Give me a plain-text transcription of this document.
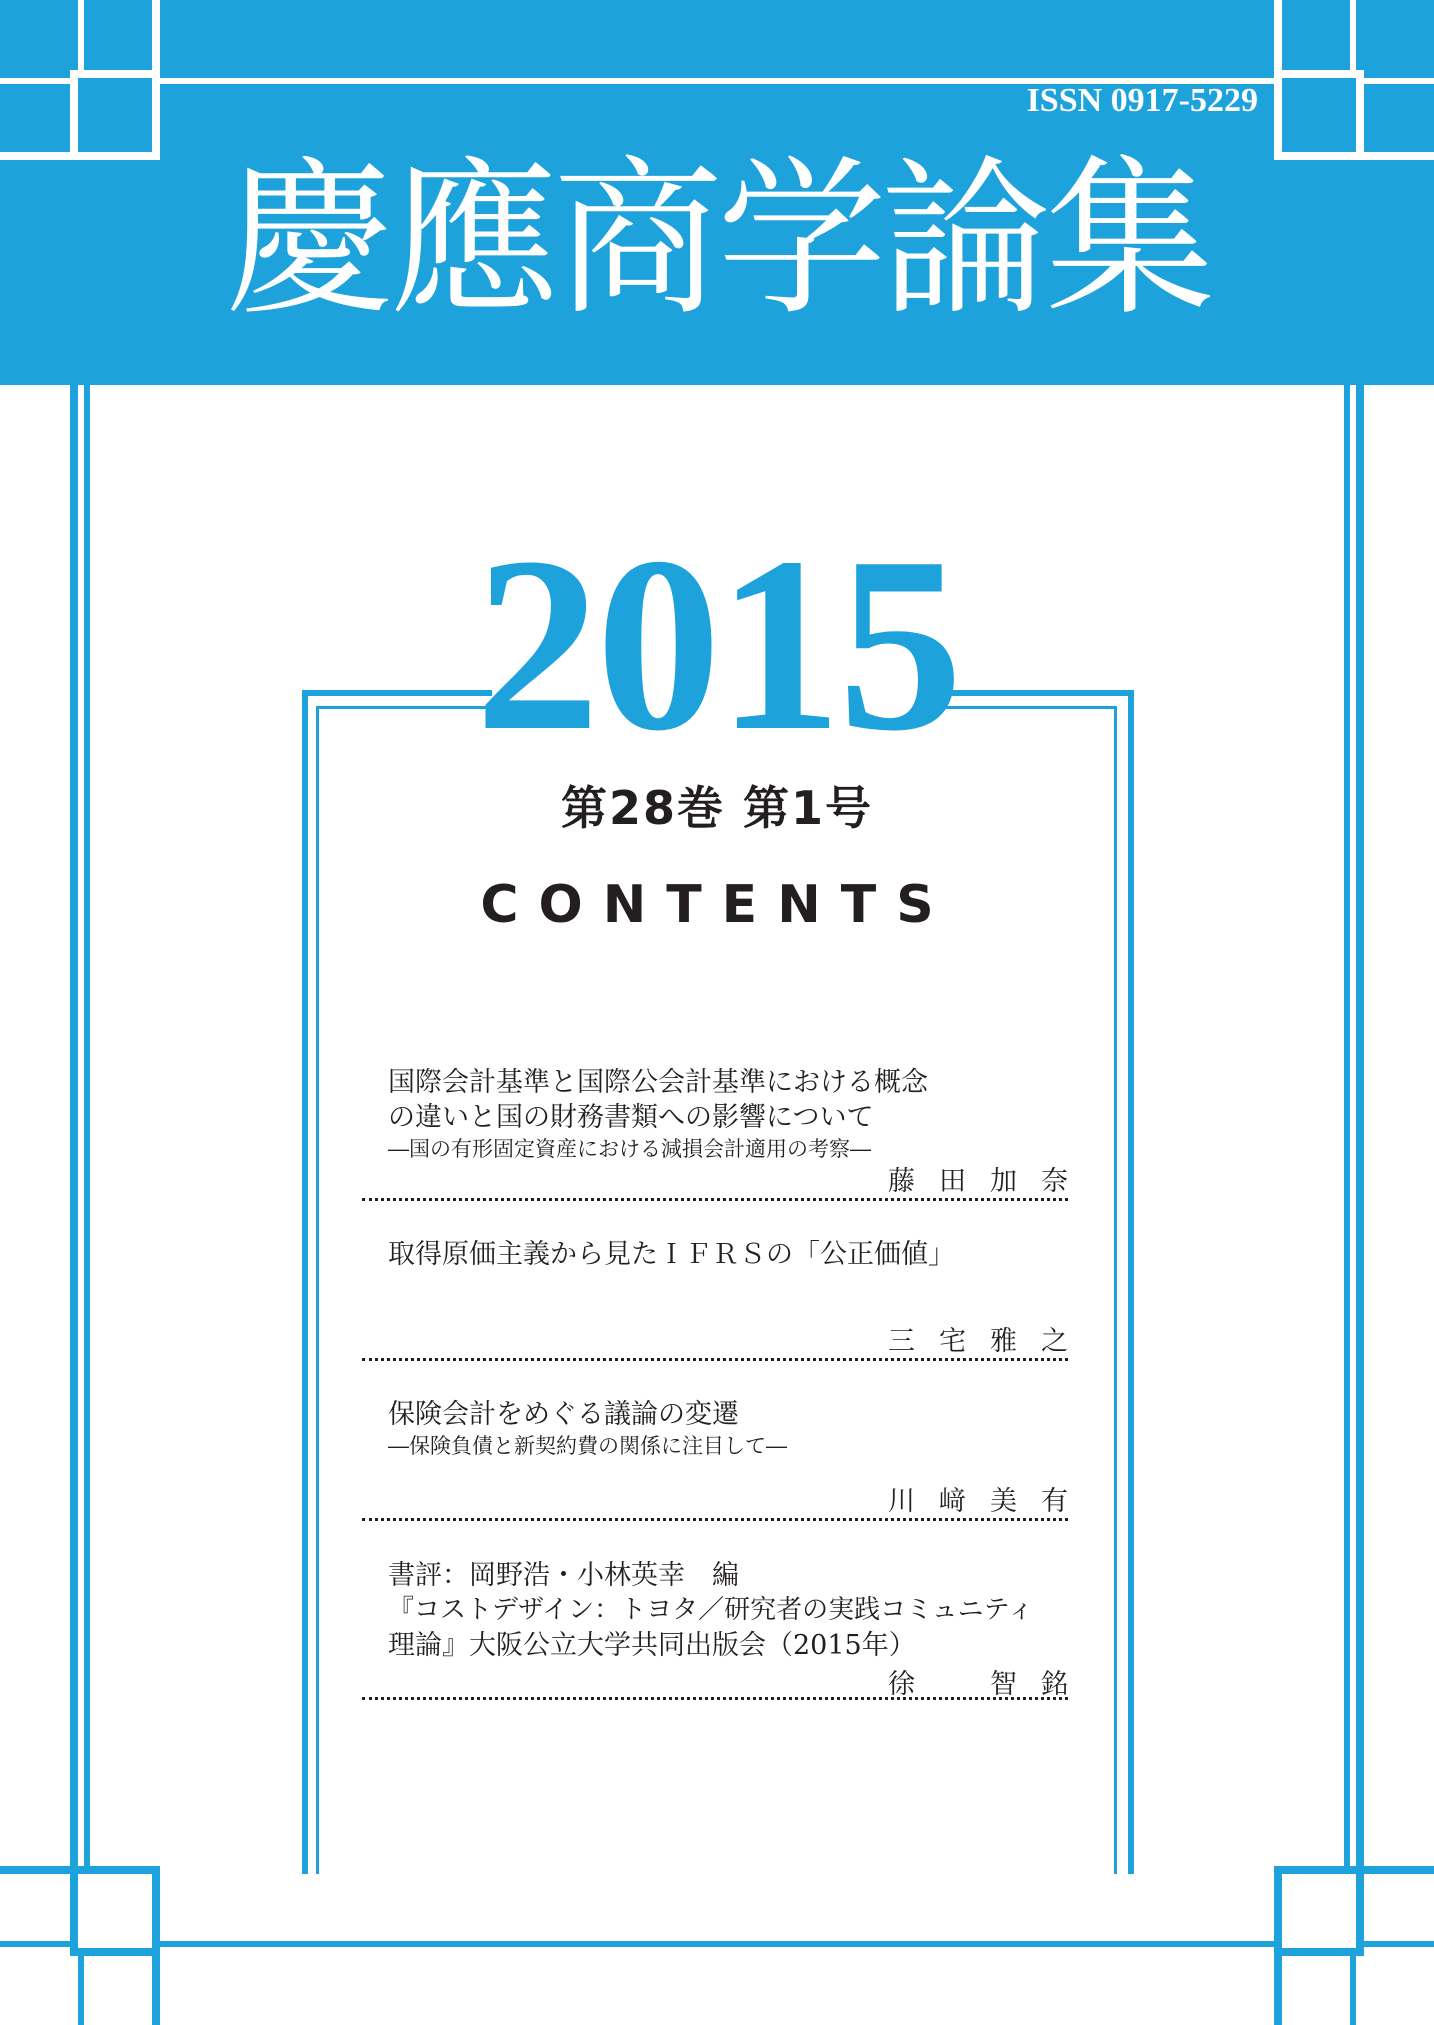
ISSN 0917-5229
慶應商学論集
2015
第28巻 第1号
CONTENTS

国際会計基準と国際公会計基準における概念

の違いと国の財務書類への影響について

―国の有形固定資産における減損会計適用の考察―

藤田加奈

取得原価主義から見たＩＦＲＳの「公正価値」

三宅雅之

保険会計をめぐる議論の変遷

―保険負債と新契約費の関係に注目して―

川﨑美有

書評：岡野浩・小林英幸　編

『コストデザイン：トヨタ／研究者の実践コミュニティ

理論』大阪公立大学共同出版会（2015年）

徐　智銘
